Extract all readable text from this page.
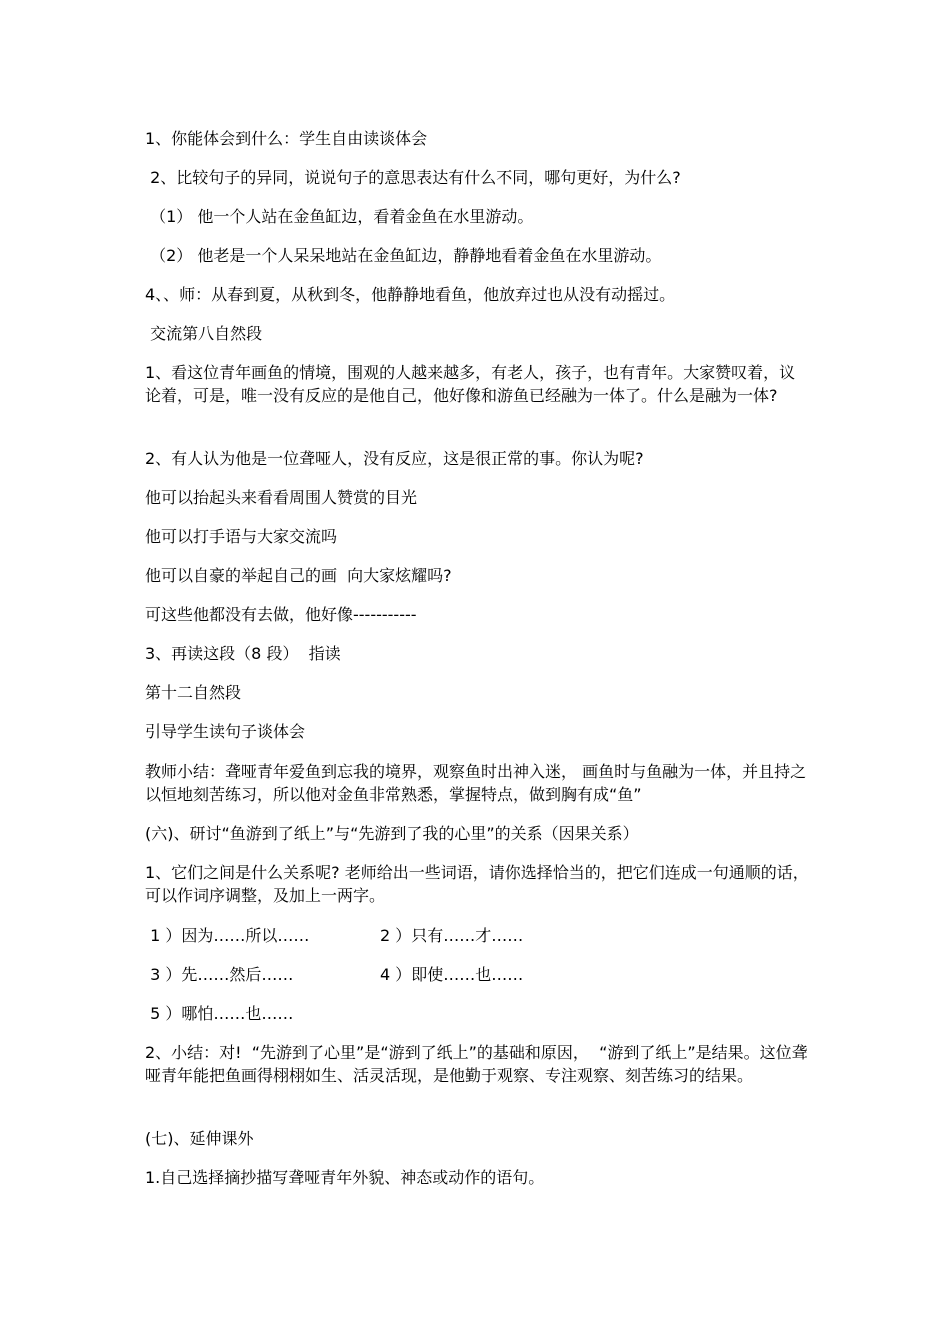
1、你能体会到什么：学生自由读谈体会
2、比较句子的异同，说说句子的意思表达有什么不同，哪句更好，为什么?
（1） 他一个人站在金鱼缸边，看着金鱼在水里游动。
（2） 他老是一个人呆呆地站在金鱼缸边，静静地看着金鱼在水里游动。
4、、师：从春到夏，从秋到冬，他静静地看鱼，他放弃过也从没有动摇过。
交流第八自然段
1、看这位青年画鱼的情境，围观的人越来越多，有老人，孩子，也有青年。大家赞叹着，议论着，可是，唯一没有反应的是他自己，他好像和游鱼已经融为一体了。什么是融为一体?
2、有人认为他是一位聋哑人，没有反应，这是很正常的事。你认为呢?
他可以抬起头来看看周围人赞赏的目光
他可以打手语与大家交流吗
他可以自豪的举起自己的画  向大家炫耀吗?
可这些他都没有去做，他好像-----------
3、再读这段（8 段）  指读
第十二自然段
引导学生读句子谈体会
教师小结：聋哑青年爱鱼到忘我的境界，观察鱼时出神入迷， 画鱼时与鱼融为一体，并且持之以恒地刻苦练习，所以他对金鱼非常熟悉，掌握特点，做到胸有成“鱼”
(六)、研讨“鱼游到了纸上”与“先游到了我的心里”的关系（因果关系）
1、它们之间是什么关系呢? 老师给出一些词语，请你选择恰当的，把它们连成一句通顺的话，可以作词序调整，及加上一两字。
1 ）因为……所以……	2 ）只有……才……
3 ）先……然后……	4 ）即使……也……
5 ）哪怕……也……
2、小结：对!  “先游到了心里”是“游到了纸上”的基础和原因，  “游到了纸上”是结果。这位聋哑青年能把鱼画得栩栩如生、活灵活现，是他勤于观察、专注观察、刻苦练习的结果。
(七)、延伸课外
1.自己选择摘抄描写聋哑青年外貌、神态或动作的语句。
